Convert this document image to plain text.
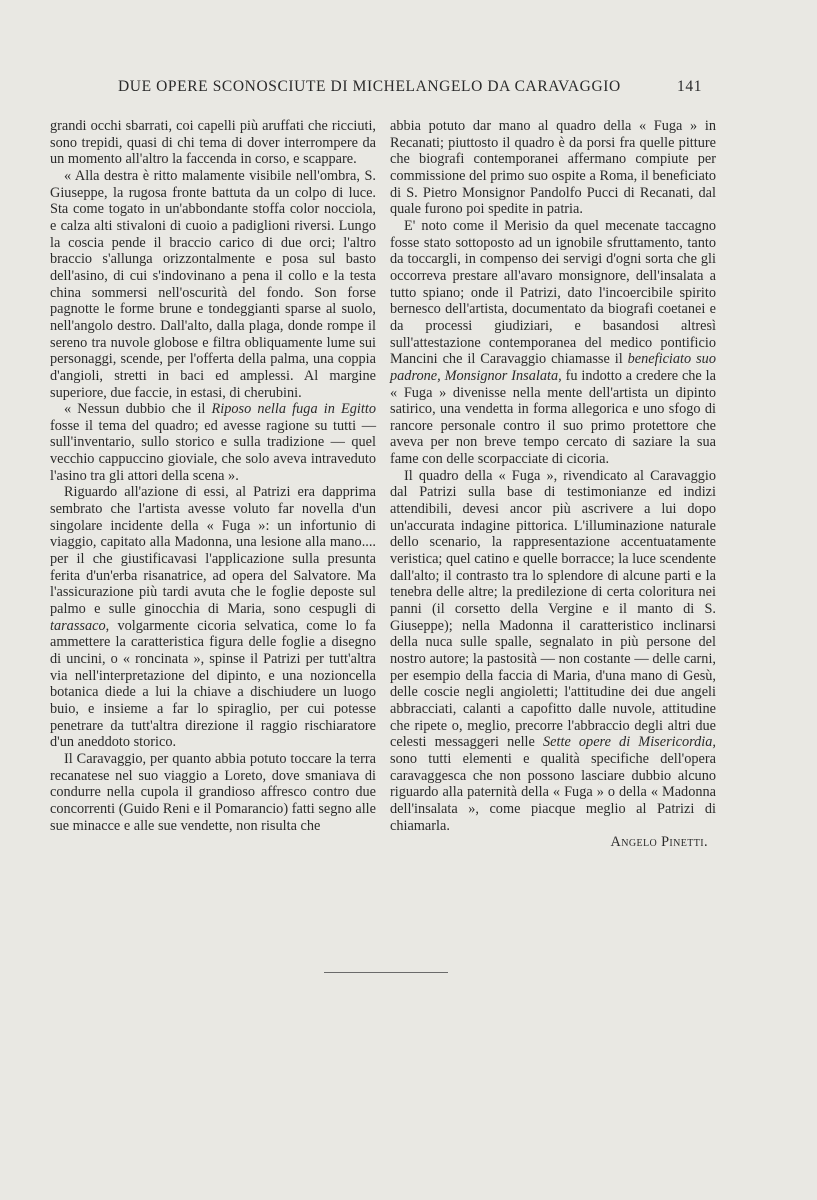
DUE OPERE SCONOSCIUTE DI MICHELANGELO DA CARAVAGGIO	141

grandi occhi sbarrati, coi capelli più aruffati che ricciuti, sono trepidi, quasi di chi tema di dover interrompere da un momento all'altro la faccenda in corso, e scappare.

« Alla destra è ritto malamente visibile nell'ombra, S. Giuseppe, la rugosa fronte battuta da un colpo di luce. Sta come togato in un'abbondante stoffa color nocciola, e calza alti stivaloni di cuoio a padiglioni riversi. Lungo la coscia pende il braccio carico di due orci; l'altro braccio s'allunga orizzontalmente e posa sul basto dell'asino, di cui s'indovinano a pena il collo e la testa china sommersi nell'oscurità del fondo. Son forse pagnotte le forme brune e tondeggianti sparse al suolo, nell'angolo destro. Dall'alto, dalla plaga, donde rompe il sereno tra nuvole globose e filtra obliquamente lume sui personaggi, scende, per l'offerta della palma, una coppia d'angioli, stretti in baci ed amplessi. Al margine superiore, due faccie, in estasi, di cherubini.

« Nessun dubbio che il Riposo nella fuga in Egitto fosse il tema del quadro; ed avesse ragione su tutti — sull'inventario, sullo storico e sulla tradizione — quel vecchio cappuccino gioviale, che solo aveva intraveduto l'asino tra gli attori della scena ».

Riguardo all'azione di essi, al Patrizi era dapprima sembrato che l'artista avesse voluto far novella d'un singolare incidente della « Fuga »: un infortunio di viaggio, capitato alla Madonna, una lesione alla mano.... per il che giustificavasi l'applicazione sulla presunta ferita d'un'erba risanatrice, ad opera del Salvatore. Ma l'assicurazione più tardi avuta che le foglie deposte sul palmo e sulle ginocchia di Maria, sono cespugli di tarassaco, volgarmente cicoria selvatica, come lo fa ammettere la caratteristica figura delle foglie a disegno di uncini, o « roncinata », spinse il Patrizi per tutt'altra via nell'interpretazione del dipinto, e una nozioncella botanica diede a lui la chiave a dischiudere un luogo buio, e insieme a far lo spiraglio, per cui potesse penetrare da tutt'altra direzione il raggio rischiaratore d'un aneddoto storico.

Il Caravaggio, per quanto abbia potuto toccare la terra recanatese nel suo viaggio a Loreto, dove smaniava di condurre nella cupola il grandioso affresco contro due concorrenti (Guido Reni e il Pomarancio) fatti segno alle sue minacce e alle sue vendette, non risulta che

abbia potuto dar mano al quadro della « Fuga » in Recanati; piuttosto il quadro è da porsi fra quelle pitture che biografi contemporanei affermano compiute per commissione del primo suo ospite a Roma, il beneficiato di S. Pietro Monsignor Pandolfo Pucci di Recanati, dal quale furono poi spedite in patria.

E' noto come il Merisio da quel mecenate taccagno fosse stato sottoposto ad un ignobile sfruttamento, tanto da toccargli, in compenso dei servigi d'ogni sorta che gli occorreva prestare all'avaro monsignore, dell'insalata a tutto spiano; onde il Patrizi, dato l'incoercibile spirito bernesco dell'artista, documentato da biografi coetanei e da processi giudiziari, e basandosi altresì sull'attestazione contemporanea del medico pontificio Mancini che il Caravaggio chiamasse il beneficiato suo padrone, Monsignor Insalata, fu indotto a credere che la « Fuga » divenisse nella mente dell'artista un dipinto satirico, una vendetta in forma allegorica e uno sfogo di rancore personale contro il suo primo protettore che aveva per non breve tempo cercato di saziare la sua fame con delle scorpacciate di cicoria.

Il quadro della « Fuga », rivendicato al Caravaggio dal Patrizi sulla base di testimonianze ed indizi attendibili, devesi ancor più ascrivere a lui dopo un'accurata indagine pittorica. L'illuminazione naturale dello scenario, la rappresentazione accentuatamente veristica; quel catino e quelle borracce; la luce scendente dall'alto; il contrasto tra lo splendore di alcune parti e la tenebra delle altre; la predilezione di certa coloritura nei panni (il corsetto della Vergine e il manto di S. Giuseppe); nella Madonna il caratteristico inclinarsi della nuca sulle spalle, segnalato in più persone del nostro autore; la pastosità — non costante — delle carni, per esempio della faccia di Maria, d'una mano di Gesù, delle coscie negli angioletti; l'attitudine dei due angeli abbracciati, calanti a capofitto dalle nuvole, attitudine che ripete o, meglio, precorre l'abbraccio degli altri due celesti messaggeri nelle Sette opere di Misericordia, sono tutti elementi e qualità specifiche dell'opera caravaggesca che non possono lasciare dubbio alcuno riguardo alla paternità della « Fuga » o della « Madonna dell'insalata », come piacque meglio al Patrizi di chiamarla.

Angelo Pinetti.
